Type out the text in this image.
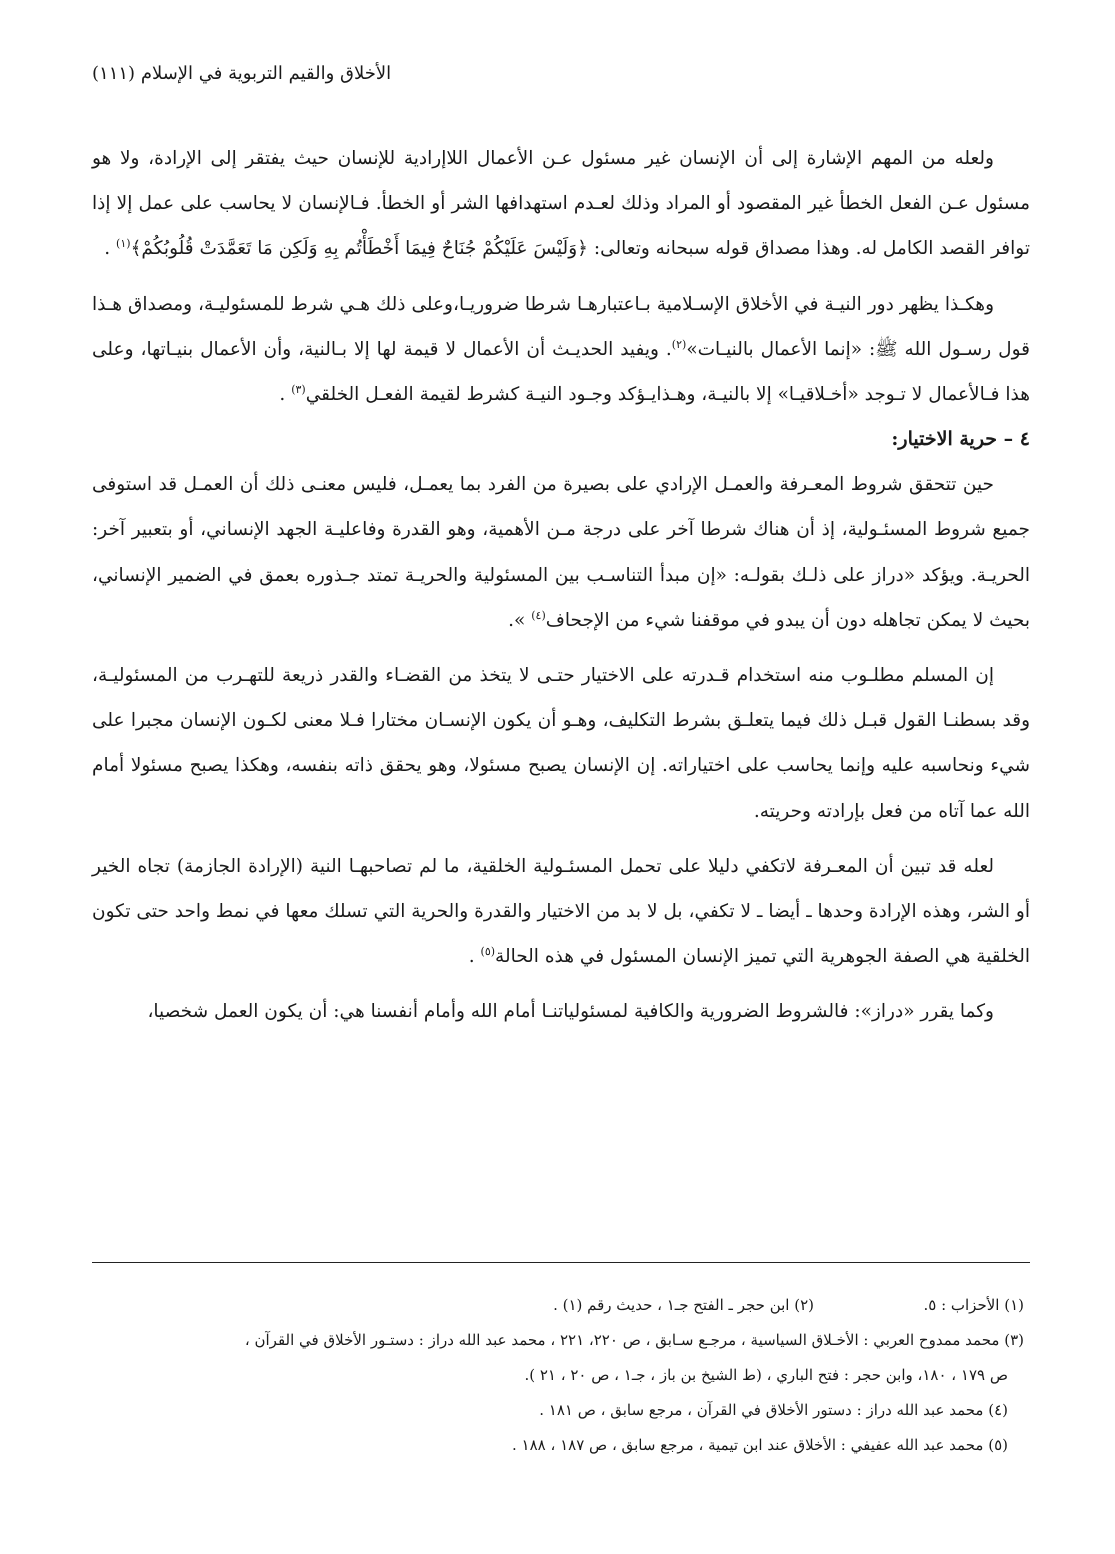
الأخلاق والقيم التربوية في الإسلام (١١١)

ولعله من المهم الإشارة إلى أن الإنسان غير مسئول عـن الأعمال اللاإرادية للإنسان حيث يفتقر إلى الإرادة، ولا هو مسئول عـن الفعل الخطأ غير المقصود أو المراد وذلك لعـدم استهدافها الشر أو الخطأ. فـالإنسان لا يحاسب على عمل إلا إذا توافر القصد الكامل له. وهذا مصداق قوله سبحانه وتعالى: ﴿وَلَيْسَ عَلَيْكُمْ جُنَاحٌ فِيمَا أَخْطَأْتُم بِهِ وَلَكِن مَا تَعَمَّدَتْ قُلُوبُكُمْ﴾$^{(١)}$ .

وهكـذا يظهر دور النيـة في الأخلاق الإسـلامية بـاعتبارهـا شرطا ضروريـا،وعلى ذلك هـي شرط للمسئوليـة، ومصداق هـذا قول رسـول الله ﷺ: «إنما الأعمال بالنيـات»$^{(٢)}$. ويفيد الحديـث أن الأعمال لا قيمة لها إلا بـالنية، وأن الأعمال بنيـاتها، وعلى هذا فـالأعمال لا تـوجد «أخـلاقيـا» إلا بالنيـة، وهـذايـؤكد وجـود النيـة كشرط لقيمة الفعـل الخلقي$^{(٣)}$ .

٤ – حرية الاختيار:

حين تتحقق شروط المعـرفة والعمـل الإرادي على بصيرة من الفرد بما يعمـل، فليس معنـى ذلك أن العمـل قد استوفى جميع شروط المسئـولية، إذ أن هناك شرطا آخر على درجة مـن الأهمية، وهو القدرة وفاعليـة الجهد الإنساني، أو بتعبير آخر: الحريـة. ويؤكد «دراز على ذلـك بقولـه: «إن مبدأ التناسـب بين المسئولية والحريـة تمتد جـذوره بعمق في الضمير الإنساني، بحيث لا يمكن تجاهله دون أن يبدو في موقفنا شيء من الإجحاف$^{(٤)}$ ».

إن المسلم مطلـوب منه استخدام قـدرته على الاختيار حتـى لا يتخذ من القضـاء والقدر ذريعة للتهـرب من المسئوليـة، وقد بسطنـا القول قبـل ذلك فيما يتعلـق بشرط التكليف، وهـو أن يكون الإنسـان مختارا فـلا معنى لكـون الإنسان مجبرا على شيء ونحاسبه عليه وإنما يحاسب على اختياراته. إن الإنسان يصبح مسئولا، وهو يحقق ذاته بنفسه، وهكذا يصبح مسئولا أمام الله عما آتاه من فعل بإرادته وحريته.

لعله قد تبين أن المعـرفة لاتكفي دليلا على تحمل المسئـولية الخلقية، ما لم تصاحبهـا النية (الإرادة الجازمة) تجاه الخير أو الشر، وهذه الإرادة وحدها ـ أيضا ـ لا تكفي، بل لا بد من الاختيار والقدرة والحرية التي تسلك معها في نمط واحد حتى تكون الخلقية هي الصفة الجوهرية التي تميز الإنسان المسئول في هذه الحالة$^{(٥)}$ .

وكما يقرر «دراز»: فالشروط الضرورية والكافية لمسئولياتنـا أمام الله وأمام أنفسنا هي: أن يكون العمل شخصيا،

(١) الأحزاب : ٥.
(٢) ابن حجر ـ الفتح جـ١ ، حديث رقم (١) .
(٣) محمد ممدوح العربي : الأخـلاق السياسية ، مرجـع سـابق ، ص ٢٢٠، ٢٢١ ، محمد عبد الله دراز : دستـور الأخلاق في القرآن ،
ص ١٧٩ ، ١٨٠، وابن حجر : فتح الباري ، (ط الشيخ بن باز ، جـ١ ، ص ٢٠ ، ٢١ ).
(٤) محمد عبد الله دراز : دستور الأخلاق في القرآن ، مرجع سابق ، ص ١٨١ .
(٥) محمد عبد الله عفيفي : الأخلاق عند ابن تيمية ، مرجع سابق ، ص ١٨٧ ، ١٨٨ .
